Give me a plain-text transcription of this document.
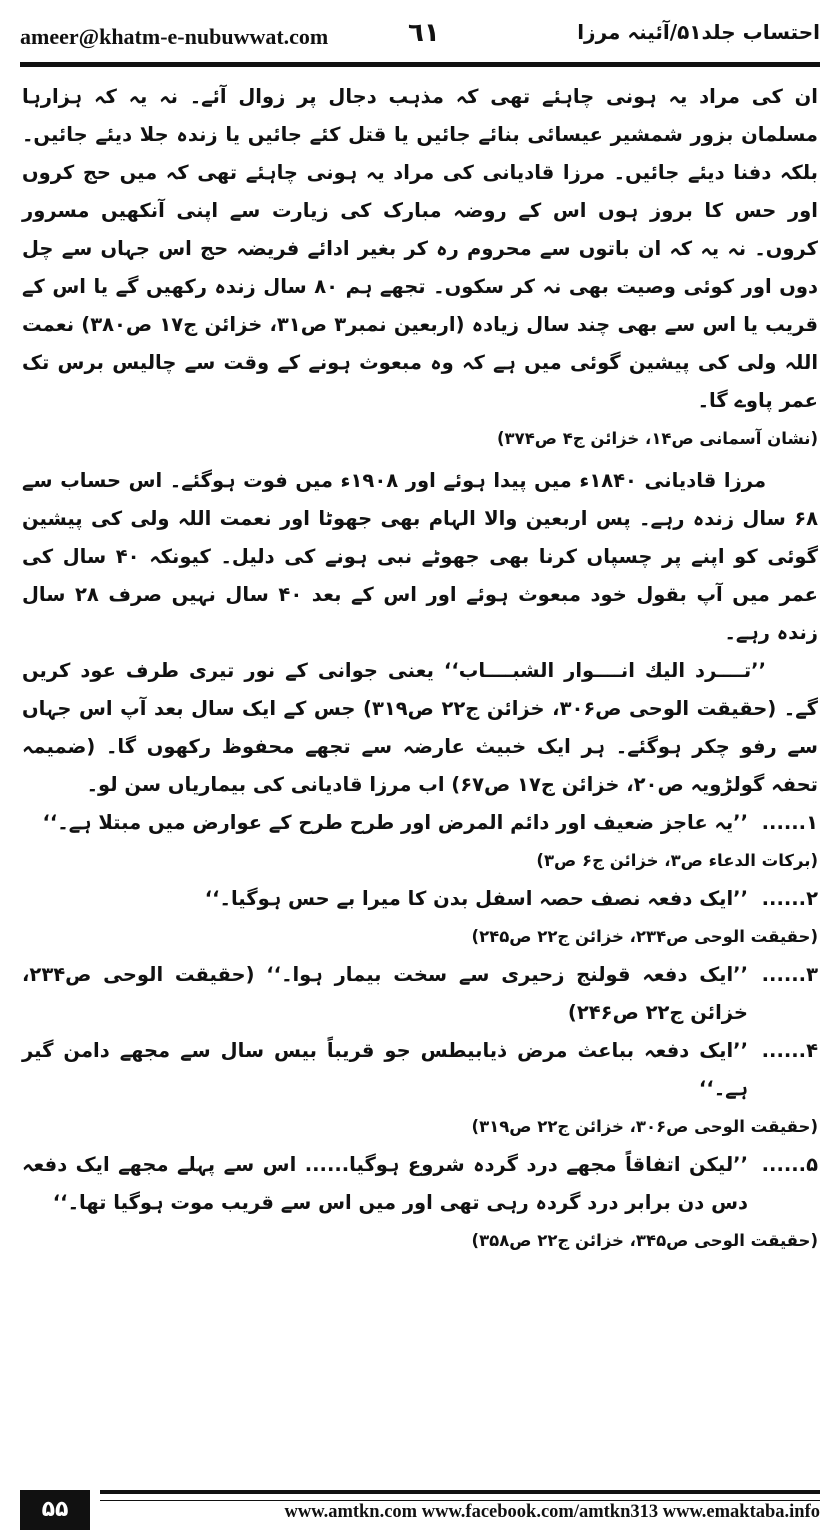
ameer@khatm-e-nubuwwat.com	٦١	احتساب جلد۵۱/آئینہ مرزا

ان کی مراد یہ ہونی چاہئے تھی کہ مذہب دجال پر زوال آئے۔ نہ یہ کہ ہزارہا مسلمان بزور شمشیر عیسائی بنائے جائیں یا قتل کئے جائیں یا زندہ جلا دیئے جائیں۔ بلکہ دفنا دیئے جائیں۔ مرزا قادیانی کی مراد یہ ہونی چاہئے تھی کہ میں حج کروں اور حس کا بروز ہوں اس کے روضہ مبارک کی زیارت سے اپنی آنکھیں مسرور کروں۔ نہ یہ کہ ان باتوں سے محروم رہ کر بغیر ادائے فریضہ حج اس جہاں سے چل دوں اور کوئی وصیت بھی نہ کر سکوں۔ تجھے ہم ۸۰ سال زندہ رکھیں گے یا اس کے قریب یا اس سے بھی چند سال زیادہ (اربعین نمبر۳ ص۳۱، خزائن ج۱۷ ص۳۸۰) نعمت اللہ ولی کی پیشین گوئی میں ہے کہ وہ مبعوث ہونے کے وقت سے چالیس برس تک عمر پاوے گا۔

(نشان آسمانی ص۱۴، خزائن ج۴ ص۳۷۴)

مرزا قادیانی ۱۸۴۰ء میں پیدا ہوئے اور ۱۹۰۸ء میں فوت ہوگئے۔ اس حساب سے ۶۸ سال زندہ رہے۔ پس اربعین والا الہام بھی جھوٹا اور نعمت اللہ ولی کی پیشین گوئی کو اپنے پر چسپاں کرنا بھی جھوٹے نبی ہونے کی دلیل۔ کیونکہ ۴۰ سال کی عمر میں آپ بقول خود مبعوث ہوئے اور اس کے بعد ۴۰ سال نہیں صرف ۲۸ سال زندہ رہے۔

’’تــــرد الیك انــــوار الشبــــاب‘‘ یعنی جوانی کے نور تیری طرف عود کریں گے۔ (حقیقت الوحی ص۳۰۶، خزائن ج۲۲ ص۳۱۹) جس کے ایک سال بعد آپ اس جہاں سے رفو چکر ہوگئے۔ ہر ایک خبیث عارضہ سے تجھے محفوظ رکھوں گا۔ (ضمیمہ تحفہ گولڑویہ ص۲۰، خزائن ج۱۷ ص۶۷) اب مرزا قادیانی کی بیماریاں سن لو۔

۱......
’’یہ عاجز ضعیف اور دائم المرض اور طرح طرح کے عوارض میں مبتلا ہے۔‘‘

(برکات الدعاء ص۳، خزائن ج۶ ص۳)

۲......
’’ایک دفعہ نصف حصہ اسفل بدن کا میرا بے حس ہوگیا۔‘‘

(حقیقت الوحی ص۲۳۴، خزائن ج۲۲ ص۲۴۵)

۳......
’’ایک دفعہ قولنج زحیری سے سخت بیمار ہوا۔‘‘ (حقیقت الوحی ص۲۳۴، خزائن ج۲۲ ص۲۴۶)
۴......
’’ایک دفعہ بباعث مرض ذیابیطس جو قریباً بیس سال سے مجھے دامن گیر ہے۔‘‘

(حقیقت الوحی ص۳۰۶، خزائن ج۲۲ ص۳۱۹)

۵......
’’لیکن اتفاقاً مجھے درد گردہ شروع ہوگیا...... اس سے پہلے مجھے ایک دفعہ دس دن برابر درد گردہ رہی تھی اور میں اس سے قریب موت ہوگیا تھا۔‘‘

(حقیقت الوحی ص۳۴۵، خزائن ج۲۲ ص۳۵۸)

۵۵	www.amtkn.com www.facebook.com/amtkn313 www.emaktaba.info
